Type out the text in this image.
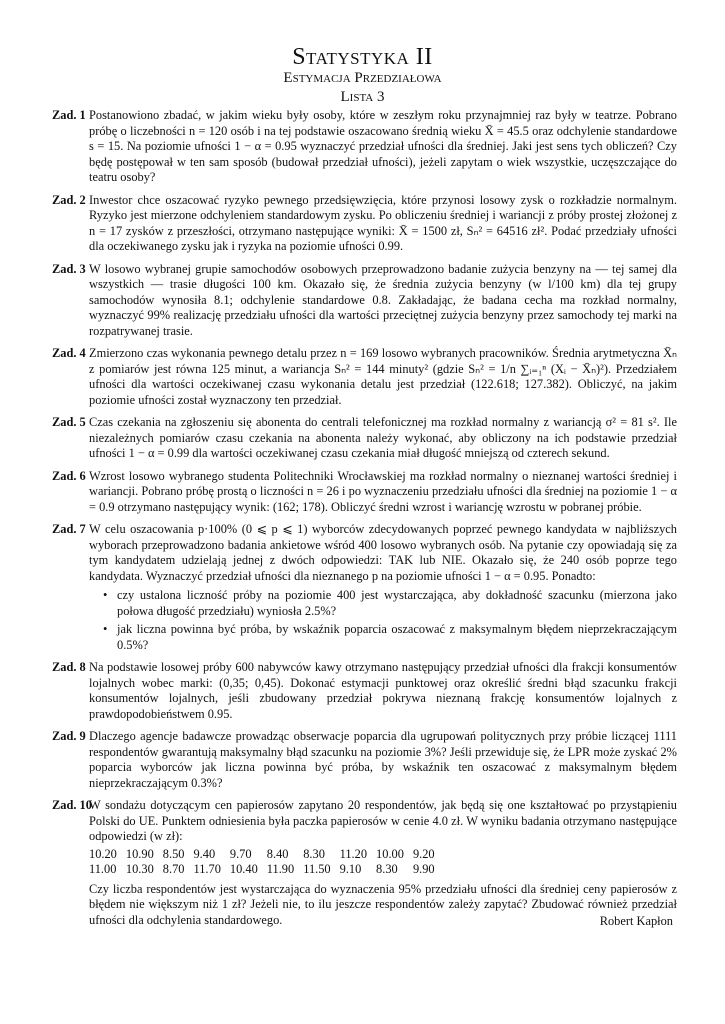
Statystyka II
Estymacja Przedziałowa
Lista 3
Zad. 1 Postanowiono zbadać, w jakim wieku były osoby, które w zeszłym roku przynajmniej raz były w teatrze. Pobrano próbę o liczebności n = 120 osób i na tej podstawie oszacowano średnią wieku X̄ = 45.5 oraz odchylenie standardowe s = 15. Na poziomie ufności 1 − α = 0.95 wyznaczyć przedział ufności dla średniej. Jaki jest sens tych obliczeń? Czy będę postępował w ten sam sposób (budował przedział ufności), jeżeli zapytam o wiek wszystkie, uczęszczające do teatru osoby?
Zad. 2 Inwestor chce oszacować ryzyko pewnego przedsięwzięcia, które przynosi losowy zysk o rozkładzie normalnym. Ryzyko jest mierzone odchyleniem standardowym zysku. Po obliczeniu średniej i wariancji z próby prostej złożonej z n = 17 zysków z przeszłości, otrzymano następujące wyniki: X̄ = 1500 zł, Sₙ² = 64516 zł². Podać przedziały ufności dla oczekiwanego zysku jak i ryzyka na poziomie ufności 0.99.
Zad. 3 W losowo wybranej grupie samochodów osobowych przeprowadzono badanie zużycia benzyny na — tej samej dla wszystkich — trasie długości 100 km. Okazało się, że średnia zużycia benzyny (w l/100 km) dla tej grupy samochodów wynosiła 8.1; odchylenie standardowe 0.8. Zakładając, że badana cecha ma rozkład normalny, wyznaczyć 99% realizację przedziału ufności dla wartości przeciętnej zużycia benzyny przez samochody tej marki na rozpatrywanej trasie.
Zad. 4 Zmierzono czas wykonania pewnego detalu przez n = 169 losowo wybranych pracowników. Średnia arytmetyczna X̄ₙ z pomiarów jest równa 125 minut, a wariancja Sₙ² = 144 minuty² (gdzie Sₙ² = 1/n ∑ᵢ₌₁ⁿ (Xᵢ − X̄ₙ)²). Przedziałem ufności dla wartości oczekiwanej czasu wykonania detalu jest przedział (122.618; 127.382). Obliczyć, na jakim poziomie ufności został wyznaczony ten przedział.
Zad. 5 Czas czekania na zgłoszeniu się abonenta do centrali telefonicznej ma rozkład normalny z wariancją σ² = 81 s². Ile niezależnych pomiarów czasu czekania na abonenta należy wykonać, aby obliczony na ich podstawie przedział ufności 1 − α = 0.99 dla wartości oczekiwanej czasu czekania miał długość mniejszą od czterech sekund.
Zad. 6 Wzrost losowo wybranego studenta Politechniki Wrocławskiej ma rozkład normalny o nieznanej wartości średniej i wariancji. Pobrano próbę prostą o liczności n = 26 i po wyznaczeniu przedziału ufności dla średniej na poziomie 1 − α = 0.9 otrzymano następujący wynik: (162; 178). Obliczyć średni wzrost i wariancję wzrostu w pobranej próbie.
Zad. 7 W celu oszacowania p·100% (0 ⩽ p ⩽ 1) wyborców zdecydowanych poprzeć pewnego kandydata w najbliższych wyborach przeprowadzono badania ankietowe wśród 400 losowo wybranych osób. Na pytanie czy opowiadają się za tym kandydatem udzielają jednej z dwóch odpowiedzi: TAK lub NIE. Okazało się, że 240 osób poprze tego kandydata. Wyznaczyć przedział ufności dla nieznanego p na poziomie ufności 1 − α = 0.95. Ponadto:
• czy ustalona liczność próby na poziomie 400 jest wystarczająca, aby dokładność szacunku (mierzona jako połowa długość przedziału) wyniosła 2.5%?
• jak liczna powinna być próba, by wskaźnik poparcia oszacować z maksymalnym błędem nieprzekraczającym 0.5%?
Zad. 8 Na podstawie losowej próby 600 nabywców kawy otrzymano następujący przedział ufności dla frakcji konsumentów lojalnych wobec marki: (0,35; 0,45). Dokonać estymacji punktowej oraz określić średni błąd szacunku frakcji konsumentów lojalnych, jeśli zbudowany przedział pokrywa nieznaną frakcję konsumentów lojalnych z prawdopodobieństwem 0.95.
Zad. 9 Dlaczego agencje badawcze prowadząc obserwacje poparcia dla ugrupowań politycznych przy próbie liczącej 1111 respondentów gwarantują maksymalny błąd szacunku na poziomie 3%? Jeśli przewiduje się, że LPR może zyskać 2% poparcia wyborców jak liczna powinna być próba, by wskaźnik ten oszacować z maksymalnym błędem nieprzekraczającym 0.3%?
Zad. 10
W sondażu dotyczącym cen papierosów zapytano 20 respondentów, jak będą się one kształtować po przystąpieniu Polski do UE. Punktem odniesienia była paczka papierosów w cenie 4.0 zł. W wyniku badania otrzymano następujące odpowiedzi (w zł):
10.20	10.90	8.50	9.40	9.70	8.40	8.30	11.20	10.00	9.20
11.00	10.30	8.70	11.70	10.40	11.90	11.50	9.10	8.30	9.90
Czy liczba respondentów jest wystarczająca do wyznaczenia 95% przedziału ufności dla średniej ceny papierosów z błędem nie większym niż 1 zł? Jeżeli nie, to ilu jeszcze respondentów zależy zapytać? Zbudować również przedział ufności dla odchylenia standardowego.	Robert Kapłon
